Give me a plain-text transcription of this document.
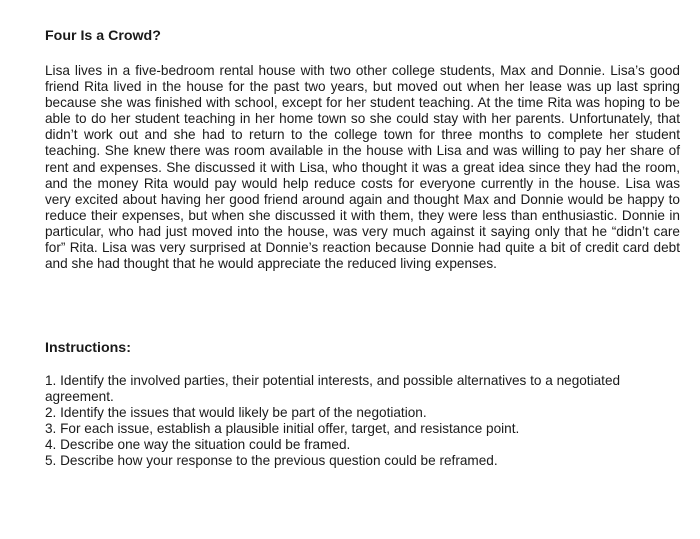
Four Is a Crowd?

Lisa lives in a five-bedroom rental house with two other college students, Max and Donnie. Lisa’s good friend Rita lived in the house for the past two years, but moved out when her lease was up last spring because she was finished with school, except for her student teaching. At the time Rita was hoping to be able to do her student teaching in her home town so she could stay with her parents. Unfortunately, that didn’t work out and she had to return to the college town for three months to complete her student teaching. She knew there was room available in the house with Lisa and was willing to pay her share of rent and expenses. She discussed it with Lisa, who thought it was a great idea since they had the room, and the money Rita would pay would help reduce costs for everyone currently in the house. Lisa was very excited about having her good friend around again and thought Max and Donnie would be happy to reduce their expenses, but when she discussed it with them, they were less than enthusiastic. Donnie in particular, who had just moved into the house, was very much against it saying only that he “didn’t care for” Rita. Lisa was very surprised at Donnie’s reaction because Donnie had quite a bit of credit card debt and she had thought that he would appreciate the reduced living expenses.

Instructions:
1. Identify the involved parties, their potential interests, and possible alternatives to a negotiated agreement.
2. Identify the issues that would likely be part of the negotiation.
3. For each issue, establish a plausible initial offer, target, and resistance point.
4. Describe one way the situation could be framed.
5. Describe how your response to the previous question could be reframed.
